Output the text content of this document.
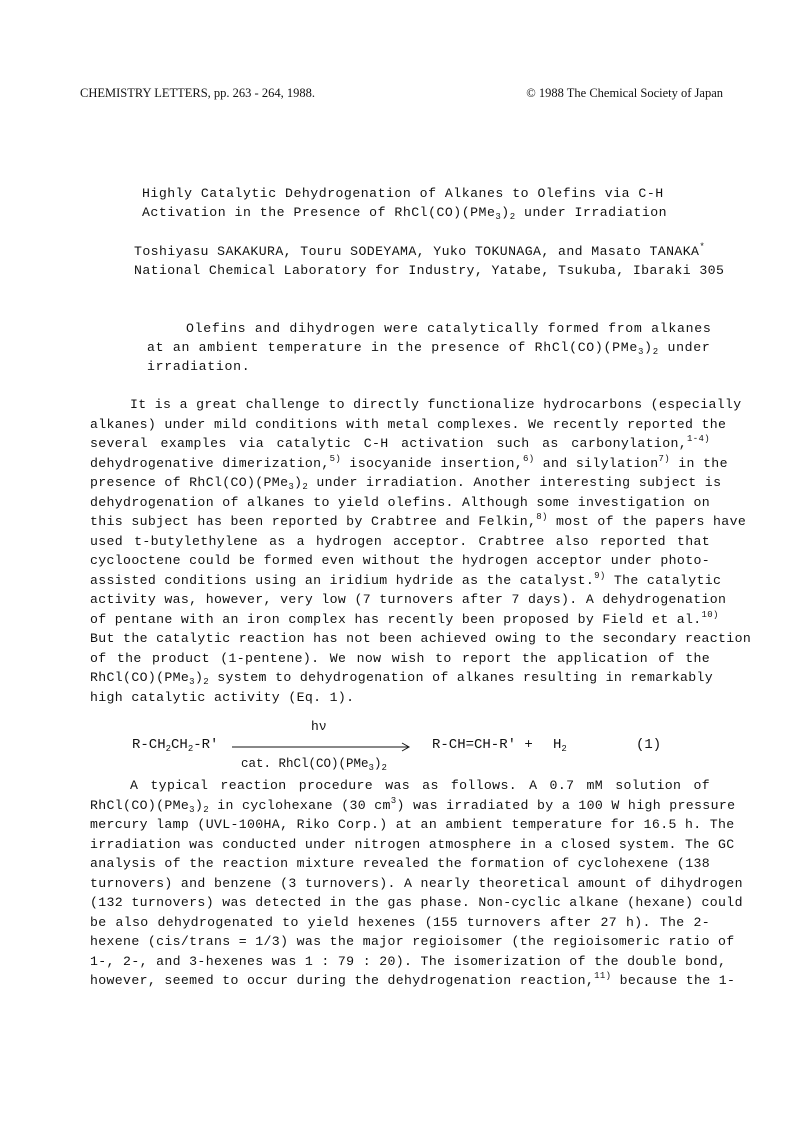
CHEMISTRY LETTERS, pp. 263 - 264, 1988.	© 1988 The Chemical Society of Japan
Highly Catalytic Dehydrogenation of Alkanes to Olefins via C-H
Activation in the Presence of $RhCl(CO)(PMe_3)_2$ under Irradiation
Toshiyasu SAKAKURA, Touru SODEYAMA, Yuko TOKUNAGA, and Masato TANAKA*
National Chemical Laboratory for Industry, Yatabe, Tsukuba, Ibaraki 305
Olefins and dihydrogen were catalytically formed from alkanes
at an ambient temperature in the presence of $RhCl(CO)(PMe_3)_2$ under
irradiation.
It is a great challenge to directly functionalize hydrocarbons (especially
alkanes) under mild conditions with metal complexes. We recently reported the
several examples via catalytic C-H activation such as carbonylation,$^{1-4)}$
dehydrogenative dimerization,$^{5)}$ isocyanide insertion,$^{6)}$ and silylation$^{7)}$ in the
presence of $RhCl(CO)(PMe_3)_2$ under irradiation. Another interesting subject is
dehydrogenation of alkanes to yield olefins. Although some investigation on
this subject has been reported by Crabtree and Felkin,$^{8)}$ most of the papers have
used t-butylethylene as a hydrogen acceptor. Crabtree also reported that
cyclooctene could be formed even without the hydrogen acceptor under photo-
assisted conditions using an iridium hydride as the catalyst.$^{9)}$ The catalytic
activity was, however, very low (7 turnovers after 7 days). A dehydrogenation
of pentane with an iron complex has recently been proposed by Field et al.$^{10)}$
But the catalytic reaction has not been achieved owing to the secondary reaction
of the product (1-pentene). We now wish to report the application of the
$RhCl(CO)(PMe_3)_2$ system to dehydrogenation of alkanes resulting in remarkably
high catalytic activity (Eq. 1).
$R-CH_2CH_2-R'$
hν
cat. $RhCl(CO)(PMe_3)_2$
$R-CH=CH-R' + H_2$	(1)
A typical reaction procedure was as follows. A 0.7 mM solution of
$RhCl(CO)(PMe_3)_2$ in cyclohexane (30 $cm^3$) was irradiated by a 100 W high pressure
mercury lamp (UVL-100HA, Riko Corp.) at an ambient temperature for 16.5 h. The
irradiation was conducted under nitrogen atmosphere in a closed system. The GC
analysis of the reaction mixture revealed the formation of cyclohexene (138
turnovers) and benzene (3 turnovers). A nearly theoretical amount of dihydrogen
(132 turnovers) was detected in the gas phase. Non-cyclic alkane (hexane) could
be also dehydrogenated to yield hexenes (155 turnovers after 27 h). The 2-
hexene (cis/trans = 1/3) was the major regioisomer (the regioisomeric ratio of
1-, 2-, and 3-hexenes was 1 : 79 : 20). The isomerization of the double bond,
however, seemed to occur during the dehydrogenation reaction,$^{11)}$ because the 1-
